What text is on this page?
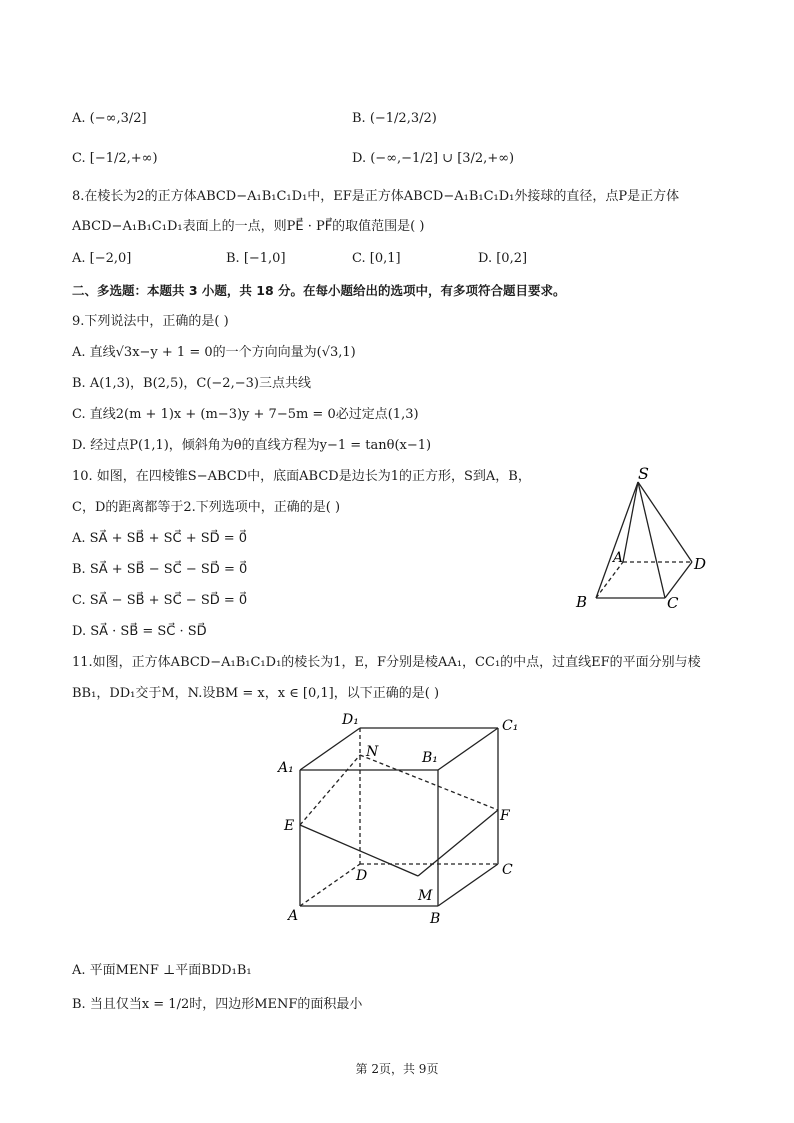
A. (−∞,3/2]	B. (−1/2,3/2)
C. [−1/2,+∞)	D. (−∞,−1/2] ∪ [3/2,+∞)
8.在棱长为2的正方体ABCD−A₁B₁C₁D₁中，EF是正方体ABCD−A₁B₁C₁D₁外接球的直径，点P是正方体
ABCD−A₁B₁C₁D₁表面上的一点，则PE⃗ · PF⃗的取值范围是( )
A. [−2,0]	B. [−1,0]	C. [0,1]	D. [0,2]
二、多选题：本题共 3 小题，共 18 分。在每小题给出的选项中，有多项符合题目要求。
9.下列说法中，正确的是( )
A. 直线√3x−y + 1 = 0的一个方向向量为(√3,1)
B. A(1,3)，B(2,5)，C(−2,−3)三点共线
C. 直线2(m + 1)x + (m−3)y + 7−5m = 0必过定点(1,3)
D. 经过点P(1,1)，倾斜角为θ的直线方程为y−1 = tanθ(x−1)
10. 如图，在四棱锥S−ABCD中，底面ABCD是边长为1的正方形，S到A，B，
C，D的距离都等于2.下列选项中，正确的是( )
A. SA⃗ + SB⃗ + SC⃗ + SD⃗ = 0⃗
B. SA⃗ + SB⃗ − SC⃗ − SD⃗ = 0⃗
C. SA⃗ − SB⃗ + SC⃗ − SD⃗ = 0⃗
D. SA⃗ · SB⃗ = SC⃗ · SD⃗
S
A
B	C
D
11.如图，正方体ABCD−A₁B₁C₁D₁的棱长为1，E，F分别是棱AA₁，CC₁的中点，过直线EF的平面分别与棱
BB₁，DD₁交于M，N.设BM = x，x ∈ [0,1]，以下正确的是( )
D₁	C₁
A₁
B₁
N
E
F
D	C
M
A	B
A. 平面MENF ⊥平面BDD₁B₁
B. 当且仅当x = 1/2时，四边形MENF的面积最小
第 2页，共 9页
